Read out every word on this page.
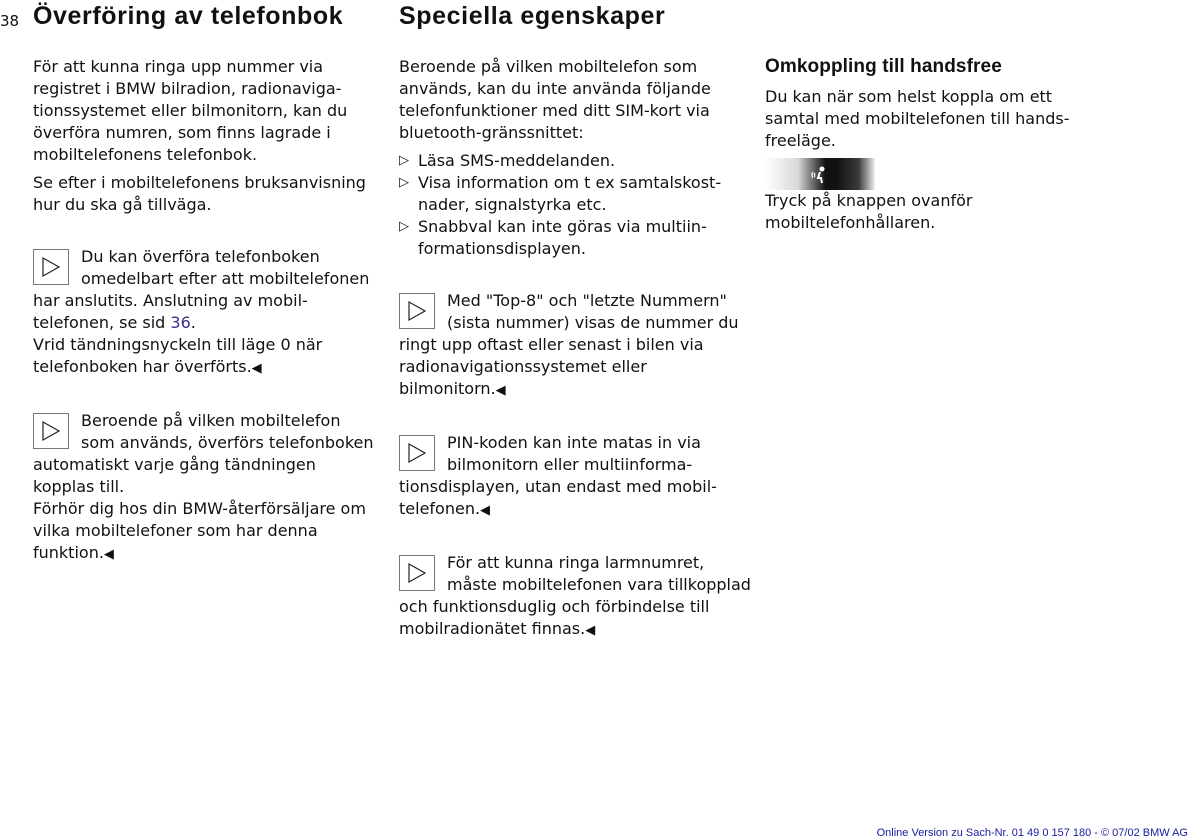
38 Överföring av telefonbok Speciella egenskaper

För att kunna ringa upp nummer via registret i BMW bilradion, radionavigationssystemet eller bilmonitorn, kan du överföra numren, som finns lagrade i mobiltelefonens telefonbok.

Se efter i mobiltelefonens bruksanvisning hur du ska gå tillväga.

Du kan överföra telefonboken omedelbart efter att mobiltelefonen har anslutits. Anslutning av mobiltelefonen, se sid 36.
Vrid tändningsnyckeln till läge 0 när telefonboken har överförts.◀
Beroende på vilken mobiltelefon som används, överförs telefonboken automatiskt varje gång tändningen kopplas till.
Förhör dig hos din BMW-återförsäljare om vilka mobiltelefoner som har denna funktion.◀

Beroende på vilken mobiltelefon som används, kan du inte använda följande telefonfunktioner med ditt SIM-kort via bluetooth-gränssnittet:

▷ Läsa SMS-meddelanden.
▷ Visa information om t ex samtalskostnader, signalstyrka etc.
▷ Snabbval kan inte göras via multiinformationsdisplayen.
Med "Top-8" och "letzte Nummern" (sista nummer) visas de nummer du ringt upp oftast eller senast i bilen via radionavigationssystemet eller bilmonitorn.◀
PIN-koden kan inte matas in via bilmonitorn eller multiinformationsdisplayen, utan endast med mobiltelefonen.◀
För att kunna ringa larmnumret, måste mobiltelefonen vara tillkopplad och funktionsduglig och förbindelse till mobilradionätet finnas.◀
Omkoppling till handsfree

Du kan när som helst koppla om ett samtal med mobiltelefonen till handsfreeläge.

Tryck på knappen ovanför mobiltelefonhållaren.

Online Version zu Sach-Nr. 01 49 0 157 180 - © 07/02 BMW AG
